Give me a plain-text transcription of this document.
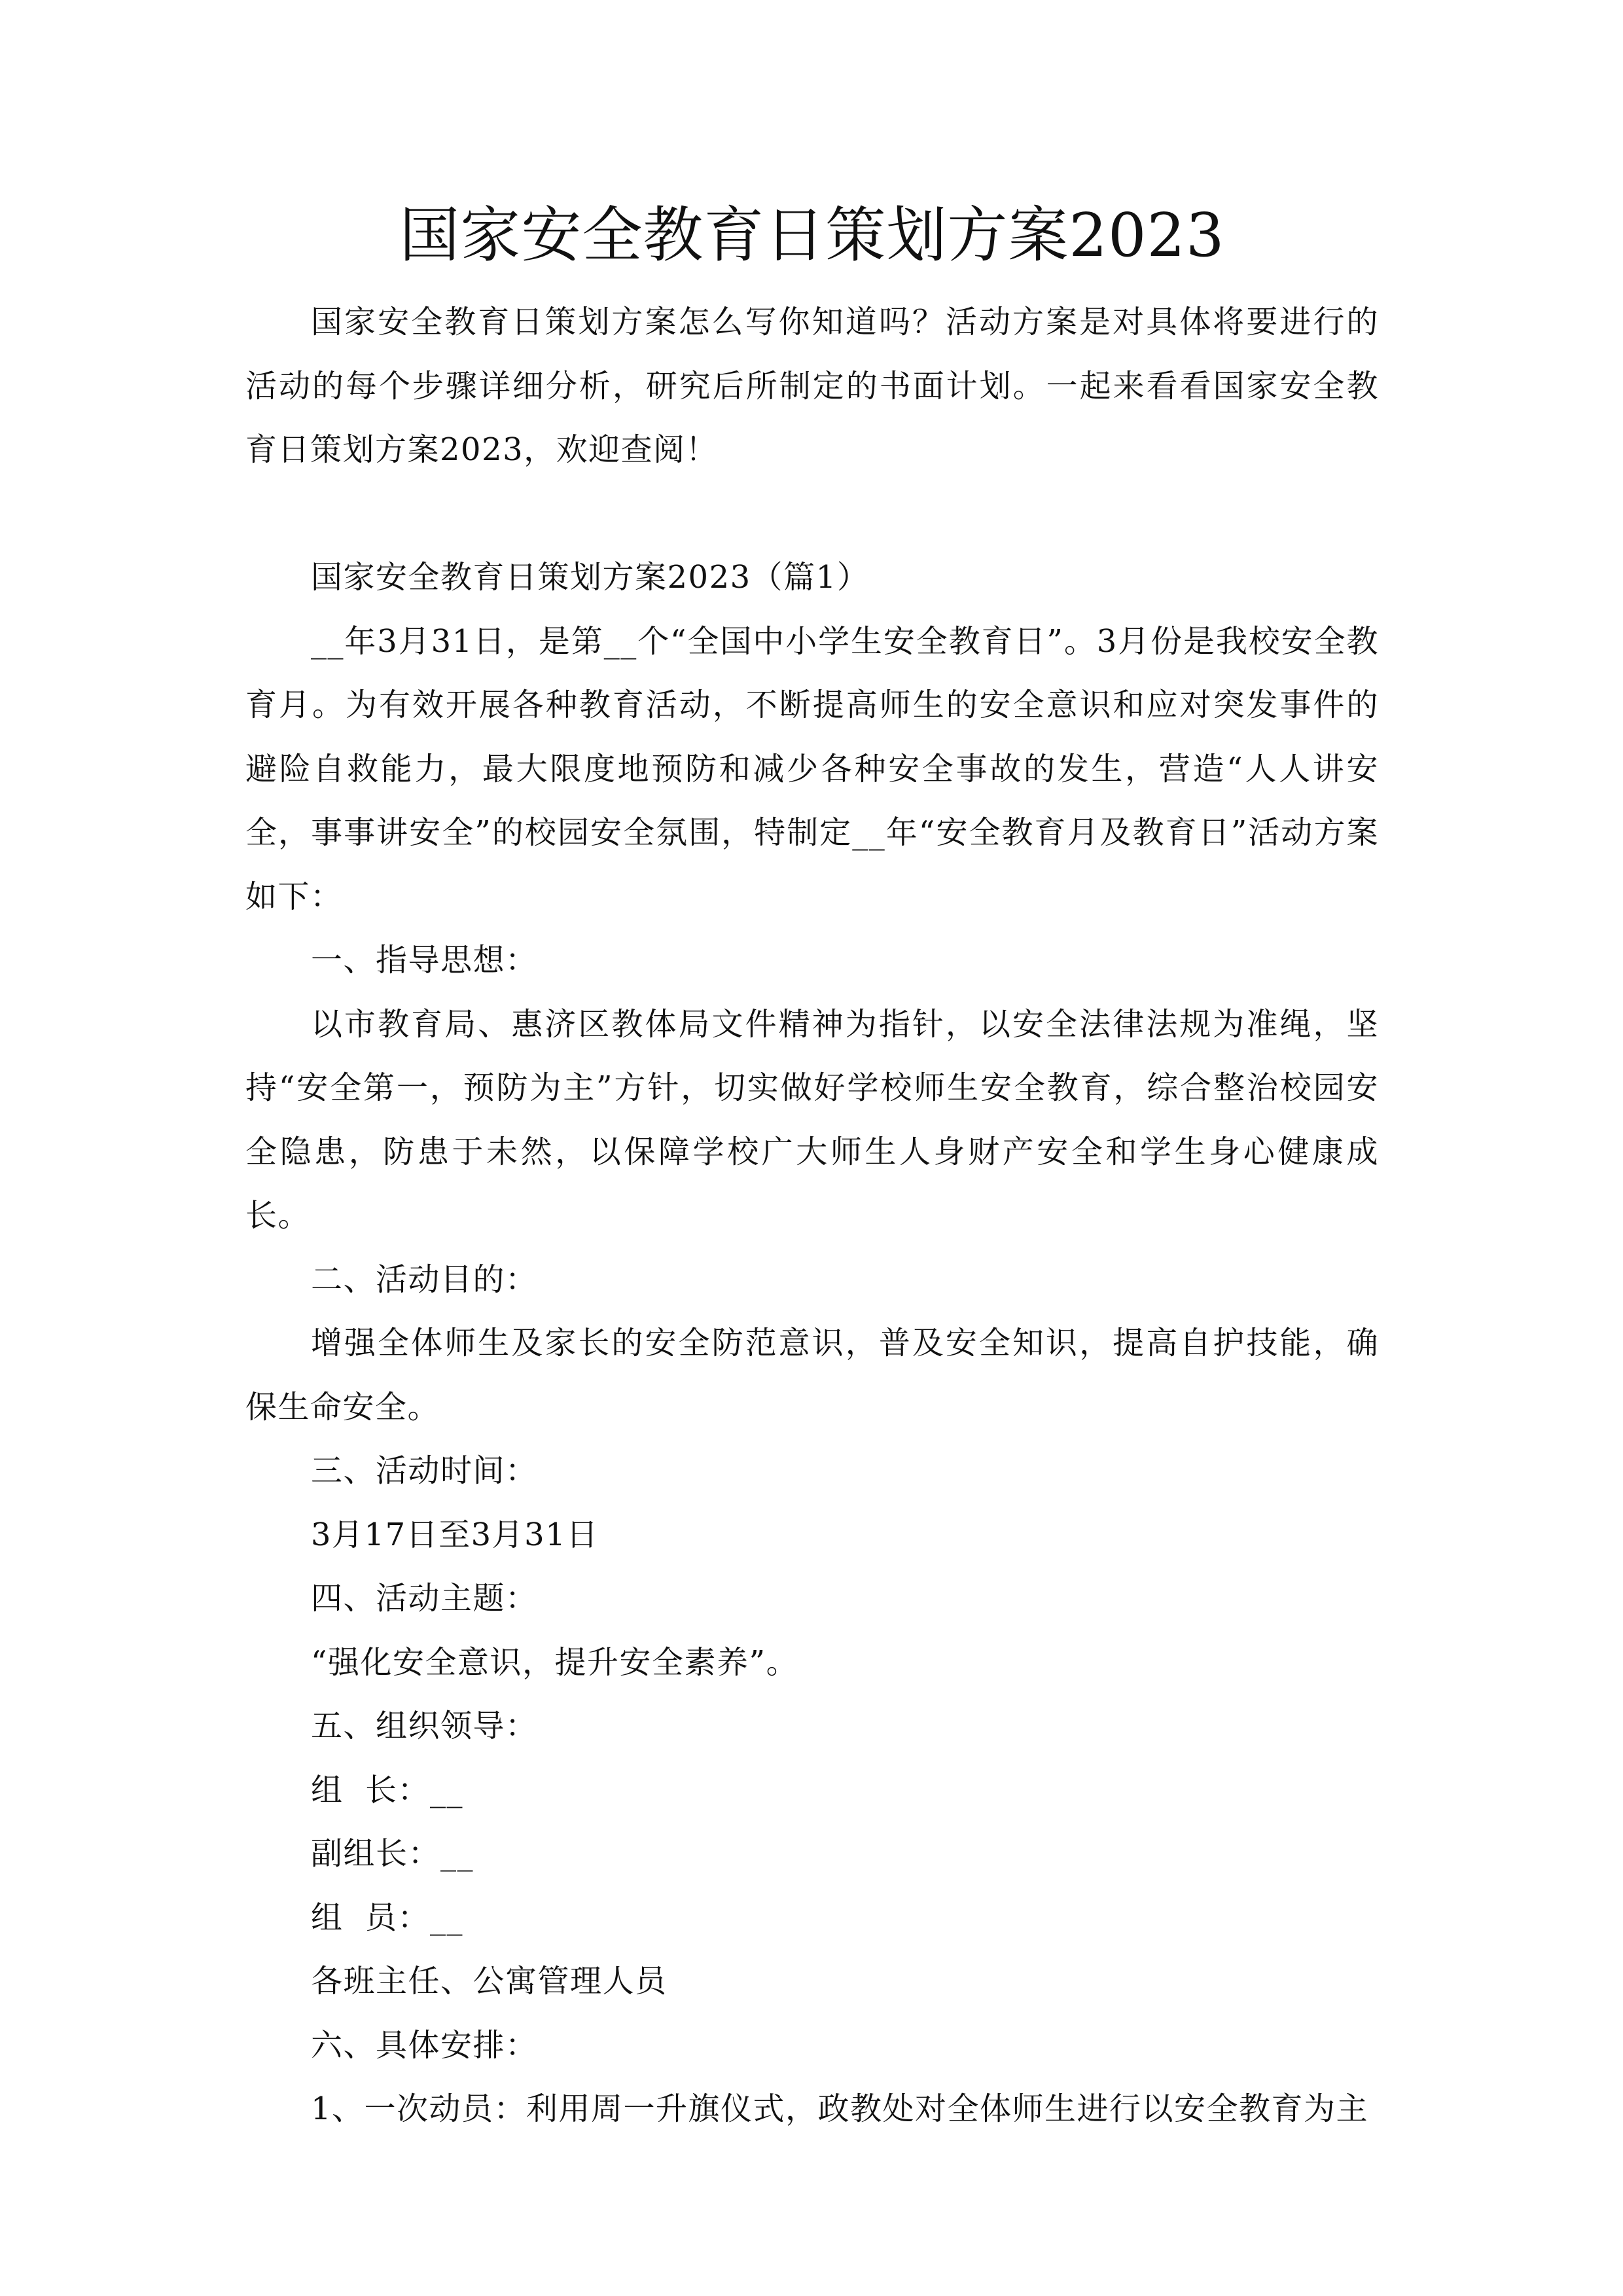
国家安全教育日策划方案2023

国家安全教育日策划方案怎么写你知道吗？活动方案是对具体将要进行的活动的每个步骤详细分析，研究后所制定的书面计划。一起来看看国家安全教育日策划方案2023，欢迎查阅！

国家安全教育日策划方案2023（篇1）

__年3月31日，是第__个“全国中小学生安全教育日”。3月份是我校安全教育月。为有效开展各种教育活动，不断提高师生的安全意识和应对突发事件的避险自救能力，最大限度地预防和减少各种安全事故的发生，营造“人人讲安全，事事讲安全”的校园安全氛围，特制定__年“安全教育月及教育日”活动方案如下：

一、指导思想：

以市教育局、惠济区教体局文件精神为指针，以安全法律法规为准绳，坚持“安全第一，预防为主”方针，切实做好学校师生安全教育，综合整治校园安全隐患，防患于未然，以保障学校广大师生人身财产安全和学生身心健康成长。

二、活动目的：

增强全体师生及家长的安全防范意识，普及安全知识，提高自护技能，确保生命安全。

三、活动时间：

3月17日至3月31日

四、活动主题：

“强化安全意识，提升安全素养”。

五、组织领导：

组  长：__

副组长：__

组  员：__

各班主任、公寓管理人员

六、具体安排：

1、一次动员：利用周一升旗仪式，政教处对全体师生进行以安全教育为主
